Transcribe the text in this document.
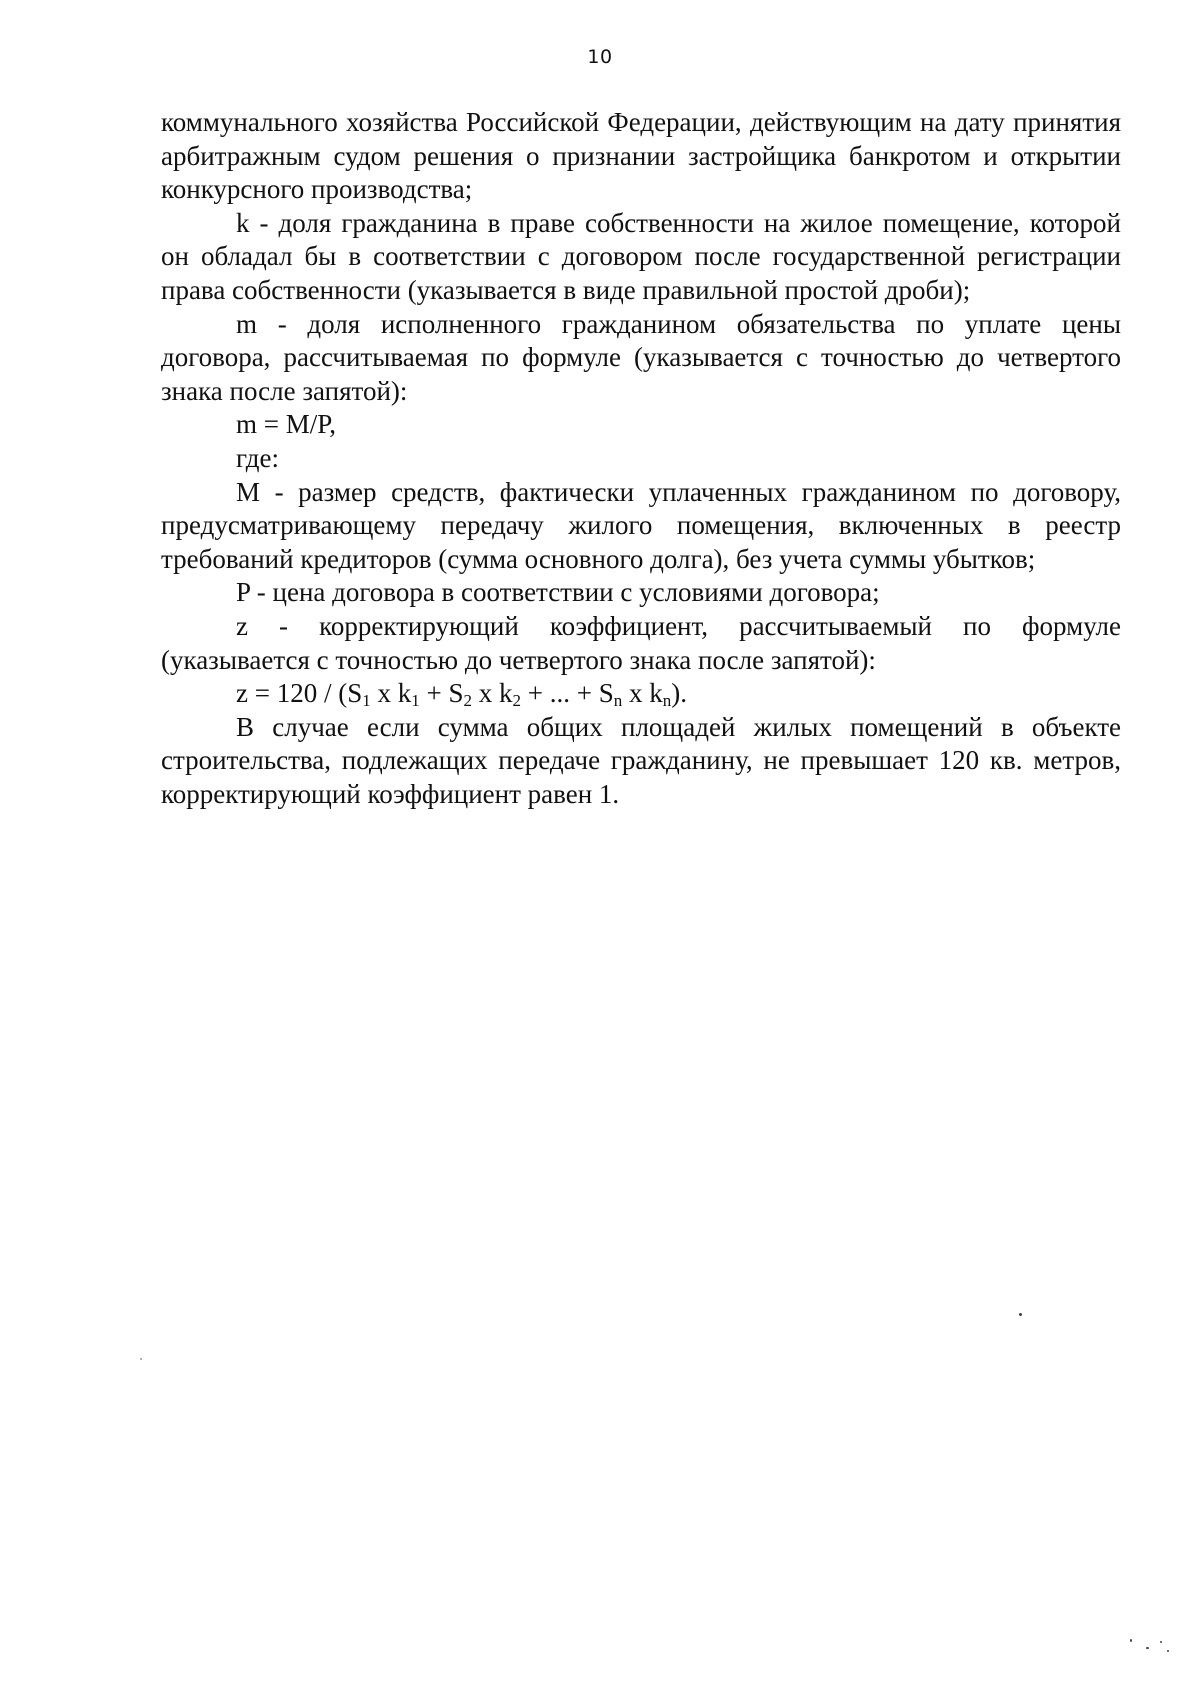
10

коммунального хозяйства Российской Федерации, действующим на дату принятия арбитражным судом решения о признании застройщика банкротом и открытии конкурсного производства;

k - доля гражданина в праве собственности на жилое помещение, которой он обладал бы в соответствии с договором после государственной регистрации права собственности (указывается в виде правильной простой дроби);

m - доля исполненного гражданином обязательства по уплате цены договора, рассчитываемая по формуле (указывается с точностью до четвертого знака после запятой):

m = M/P,

где:

M - размер средств, фактически уплаченных гражданином по договору, предусматривающему передачу жилого помещения, включенных в реестр требований кредиторов (сумма основного долга), без учета суммы убытков;

P - цена договора в соответствии с условиями договора;

z - корректирующий коэффициент, рассчитываемый по формуле (указывается с точностью до четвертого знака после запятой):

$z = 120 / (S_1$ x $k_1 + S_2$ x $k_2$ + ... + $S_n$ x $k_n$).

В случае если сумма общих площадей жилых помещений в объекте строительства, подлежащих передаче гражданину, не превышает 120 кв. метров, корректирующий коэффициент равен 1.
